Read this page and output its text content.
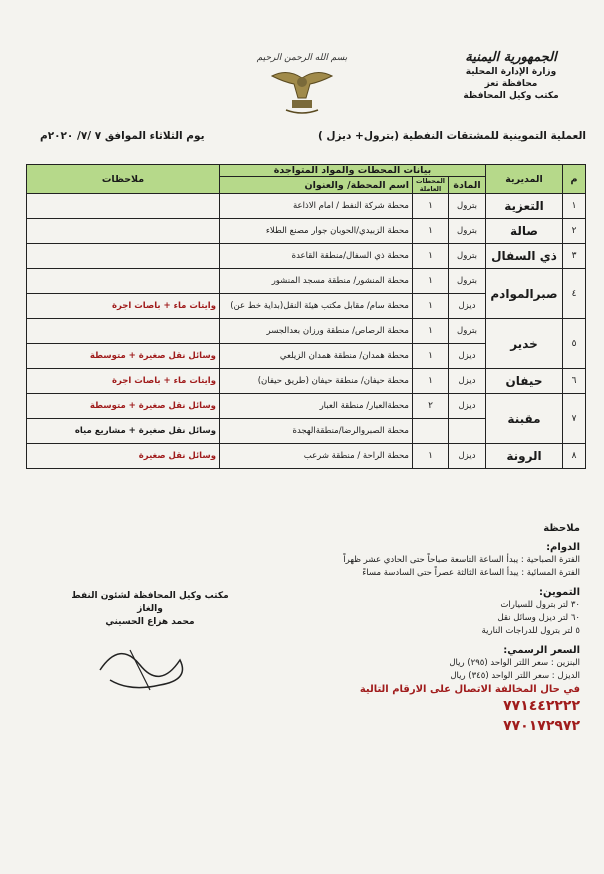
الجمهورية اليمنية
وزارة الإدارة المحلية
محافظة تعز
مكتب وكيل المحافظة
بسم الله الرحمن الرحيم
العملية التموينية للمشتقات النفطية (بترول+ ديزل )
يوم الثلاثاء الموافق ٧ /٧/ ٢٠٢٠م
م	المديرية	بيانات المحطات والمواد المتواجدة			ملاحظات
		المادة	المحطات العاملة	اسم المحطة/ والعنوان	
١	التعزية	بترول	١	محطة شركة النفط / امام الاذاعة	
٢	صالة	بترول	١	محطة الزبيدي/الحوبان جوار مصنع الطلاء	
٣	ذي السفال	بترول	١	محطة ذي السفال/منطقة القاعدة	
٤	صبرالموادم	بترول	١	محطة المنشور/ منطقة مسجد المنشور	
		ديزل	١	محطة سام/ مقابل مكتب هيئة النقل(بداية خط عن)	وايتات ماء + باصات اجرة
٥	خدير	بترول	١	محطة الرصاص/ منطقة ورزان بعدالجسر	
		ديزل	١	محطة همدان/ منطقة همدان الزيلعي	وسائل نقل صغيرة + متوسطة
٦	حيفان	ديزل	١	محطة حيفان/ منطقة حيفان (طريق حيفان)	وايتات ماء + باصات اجرة
٧	مقبنة	ديزل	٢	محطةالعبار/ منطقة العبار	وسائل نقل صغيرة + متوسطة
				محطة الصبروالرضا/منطقةالهجدة	وسائل نقل صغيرة + مشاريع مياه
٨	الرونة	ديزل	١	محطة الراحة / منطقة شرعب	وسائل نقل صغيرة
ملاحظة
الدوام:
الفترة الصباحية : يبدأ الساعة التاسعة صباحاً حتى الحادي عشر ظهراً
الفترة المسائية : يبدأ الساعة الثالثة عصراً حتى السادسة مساءً
التموين:
٣٠ لتر بترول للسيارات
٦٠ لتر ديزل وسائل نقل
٥ لتر بترول للدراجات النارية
السعر الرسمي:
البنزين : سعر اللتر الواحد (٢٩٥) ريال
الديزل : سعر اللتر الواحد (٣٤٥) ريال
في حال المخالفة الاتصال على الارقام التالية
٧٧١٤٤٢٢٢٢
٧٧٠١٧٢٩٧٢
مكتب وكيل المحافظة لشئون النفط والغاز
محمد هزاع الحسيني
